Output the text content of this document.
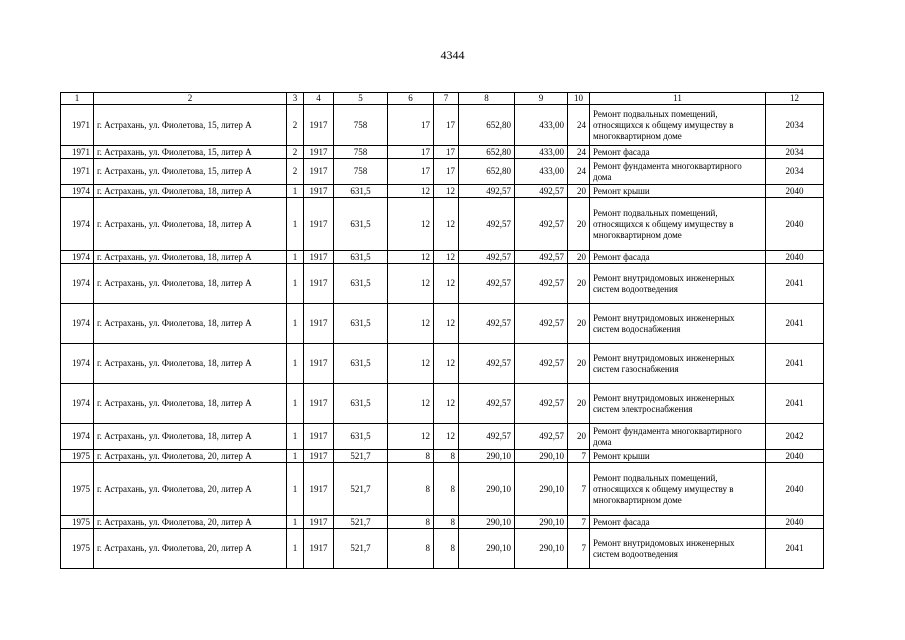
4344
1	2	3	4	5	6	7	8	9	10	11	12
1971	г. Астрахань, ул. Фиолетова, 15, литер А	2	1917	758	17	17	652,80	433,00	24	Ремонт подвальных помещений, относящихся к общему имуществу в многоквартирном доме	2034
1971	г. Астрахань, ул. Фиолетова, 15, литер А	2	1917	758	17	17	652,80	433,00	24	Ремонт фасада	2034
1971	г. Астрахань, ул. Фиолетова, 15, литер А	2	1917	758	17	17	652,80	433,00	24	Ремонт фундамента многоквартирного дома	2034
1974	г. Астрахань, ул. Фиолетова, 18, литер А	1	1917	631,5	12	12	492,57	492,57	20	Ремонт крыши	2040
1974	г. Астрахань, ул. Фиолетова, 18, литер А	1	1917	631,5	12	12	492,57	492,57	20	Ремонт подвальных помещений, относящихся к общему имуществу в многоквартирном доме	2040
1974	г. Астрахань, ул. Фиолетова, 18, литер А	1	1917	631,5	12	12	492,57	492,57	20	Ремонт фасада	2040
1974	г. Астрахань, ул. Фиолетова, 18, литер А	1	1917	631,5	12	12	492,57	492,57	20	Ремонт внутридомовых инженерных систем водоотведения	2041
1974	г. Астрахань, ул. Фиолетова, 18, литер А	1	1917	631,5	12	12	492,57	492,57	20	Ремонт внутридомовых инженерных систем водоснабжения	2041
1974	г. Астрахань, ул. Фиолетова, 18, литер А	1	1917	631,5	12	12	492,57	492,57	20	Ремонт внутридомовых инженерных систем газоснабжения	2041
1974	г. Астрахань, ул. Фиолетова, 18, литер А	1	1917	631,5	12	12	492,57	492,57	20	Ремонт внутридомовых инженерных систем электроснабжения	2041
1974	г. Астрахань, ул. Фиолетова, 18, литер А	1	1917	631,5	12	12	492,57	492,57	20	Ремонт фундамента многоквартирного дома	2042
1975	г. Астрахань, ул. Фиолетова, 20, литер А	1	1917	521,7	8	8	290,10	290,10	7	Ремонт крыши	2040
1975	г. Астрахань, ул. Фиолетова, 20, литер А	1	1917	521,7	8	8	290,10	290,10	7	Ремонт подвальных помещений, относящихся к общему имуществу в многоквартирном доме	2040
1975	г. Астрахань, ул. Фиолетова, 20, литер А	1	1917	521,7	8	8	290,10	290,10	7	Ремонт фасада	2040
1975	г. Астрахань, ул. Фиолетова, 20, литер А	1	1917	521,7	8	8	290,10	290,10	7	Ремонт внутридомовых инженерных систем водоотведения	2041
